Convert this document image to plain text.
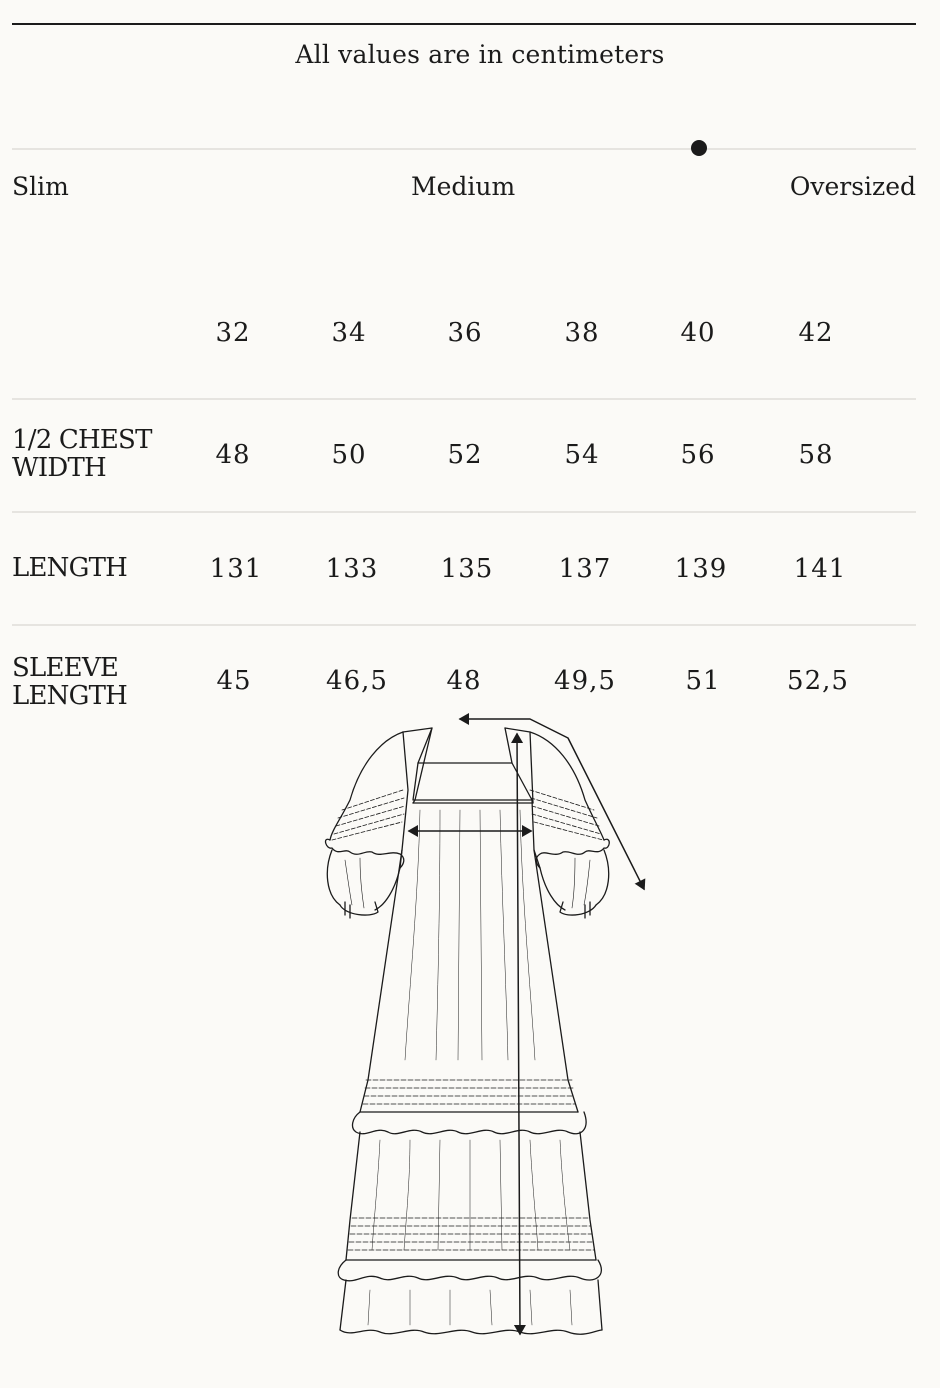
All values are in centimeters
Slim	Medium	Oversized
32	34	36	38	40	42
1/2 CHEST
WIDTH	48	50	52	54	56	58
LENGTH	131	133	135	137	139	141
SLEEVE
LENGTH	45	46,5	48	49,5	51	52,5
